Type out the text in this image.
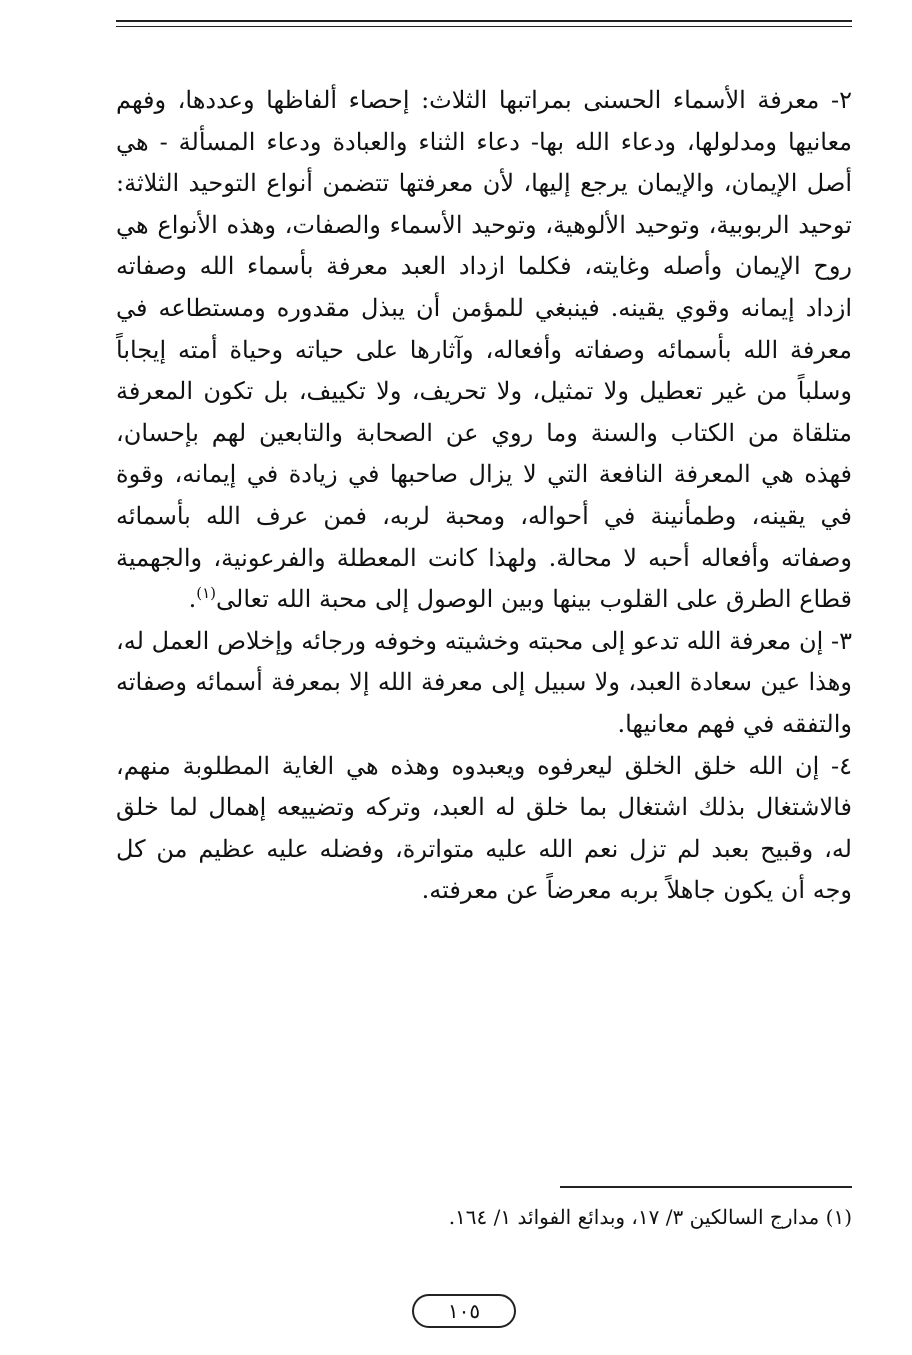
٢- معرفة الأسماء الحسنى بمراتبها الثلاث: إحصاء ألفاظها وعددها، وفهم معانيها ومدلولها، ودعاء الله بها- دعاء الثناء والعبادة ودعاء المسألة - هي أصل الإيمان، والإيمان يرجع إليها، لأن معرفتها تتضمن أنواع التوحيد الثلاثة: توحيد الربوبية، وتوحيد الألوهية، وتوحيد الأسماء والصفات، وهذه الأنواع هي روح الإيمان وأصله وغايته، فكلما ازداد العبد معرفة بأسماء الله وصفاته ازداد إيمانه وقوي يقينه. فينبغي للمؤمن أن يبذل مقدوره ومستطاعه في معرفة الله بأسمائه وصفاته وأفعاله، وآثارها على حياته وحياة أمته إيجاباً وسلباً من غير تعطيل ولا تمثيل، ولا تحريف، ولا تكييف، بل تكون المعرفة متلقاة من الكتاب والسنة وما روي عن الصحابة والتابعين لهم بإحسان، فهذه هي المعرفة النافعة التي لا يزال صاحبها في زيادة في إيمانه، وقوة في يقينه، وطمأنينة في أحواله، ومحبة لربه، فمن عرف الله بأسمائه وصفاته وأفعاله أحبه لا محالة. ولهذا كانت المعطلة والفرعونية، والجهمية قطاع الطرق على القلوب بينها وبين الوصول إلى محبة الله تعالى$^{(١)}$.

٣- إن معرفة الله تدعو إلى محبته وخشيته وخوفه ورجائه وإخلاص العمل له، وهذا عين سعادة العبد، ولا سبيل إلى معرفة الله إلا بمعرفة أسمائه وصفاته والتفقه في فهم معانيها.

٤- إن الله خلق الخلق ليعرفوه ويعبدوه وهذه هي الغاية المطلوبة منهم، فالاشتغال بذلك اشتغال بما خلق له العبد، وتركه وتضييعه إهمال لما خلق له، وقبيح بعبد لم تزل نعم الله عليه متواترة، وفضله عليه عظيم من كل وجه أن يكون جاهلاً بربه معرضاً عن معرفته.

(١) مدارج السالكين ٣/ ١٧، وبدائع الفوائد ١/ ١٦٤.
١٠٥
